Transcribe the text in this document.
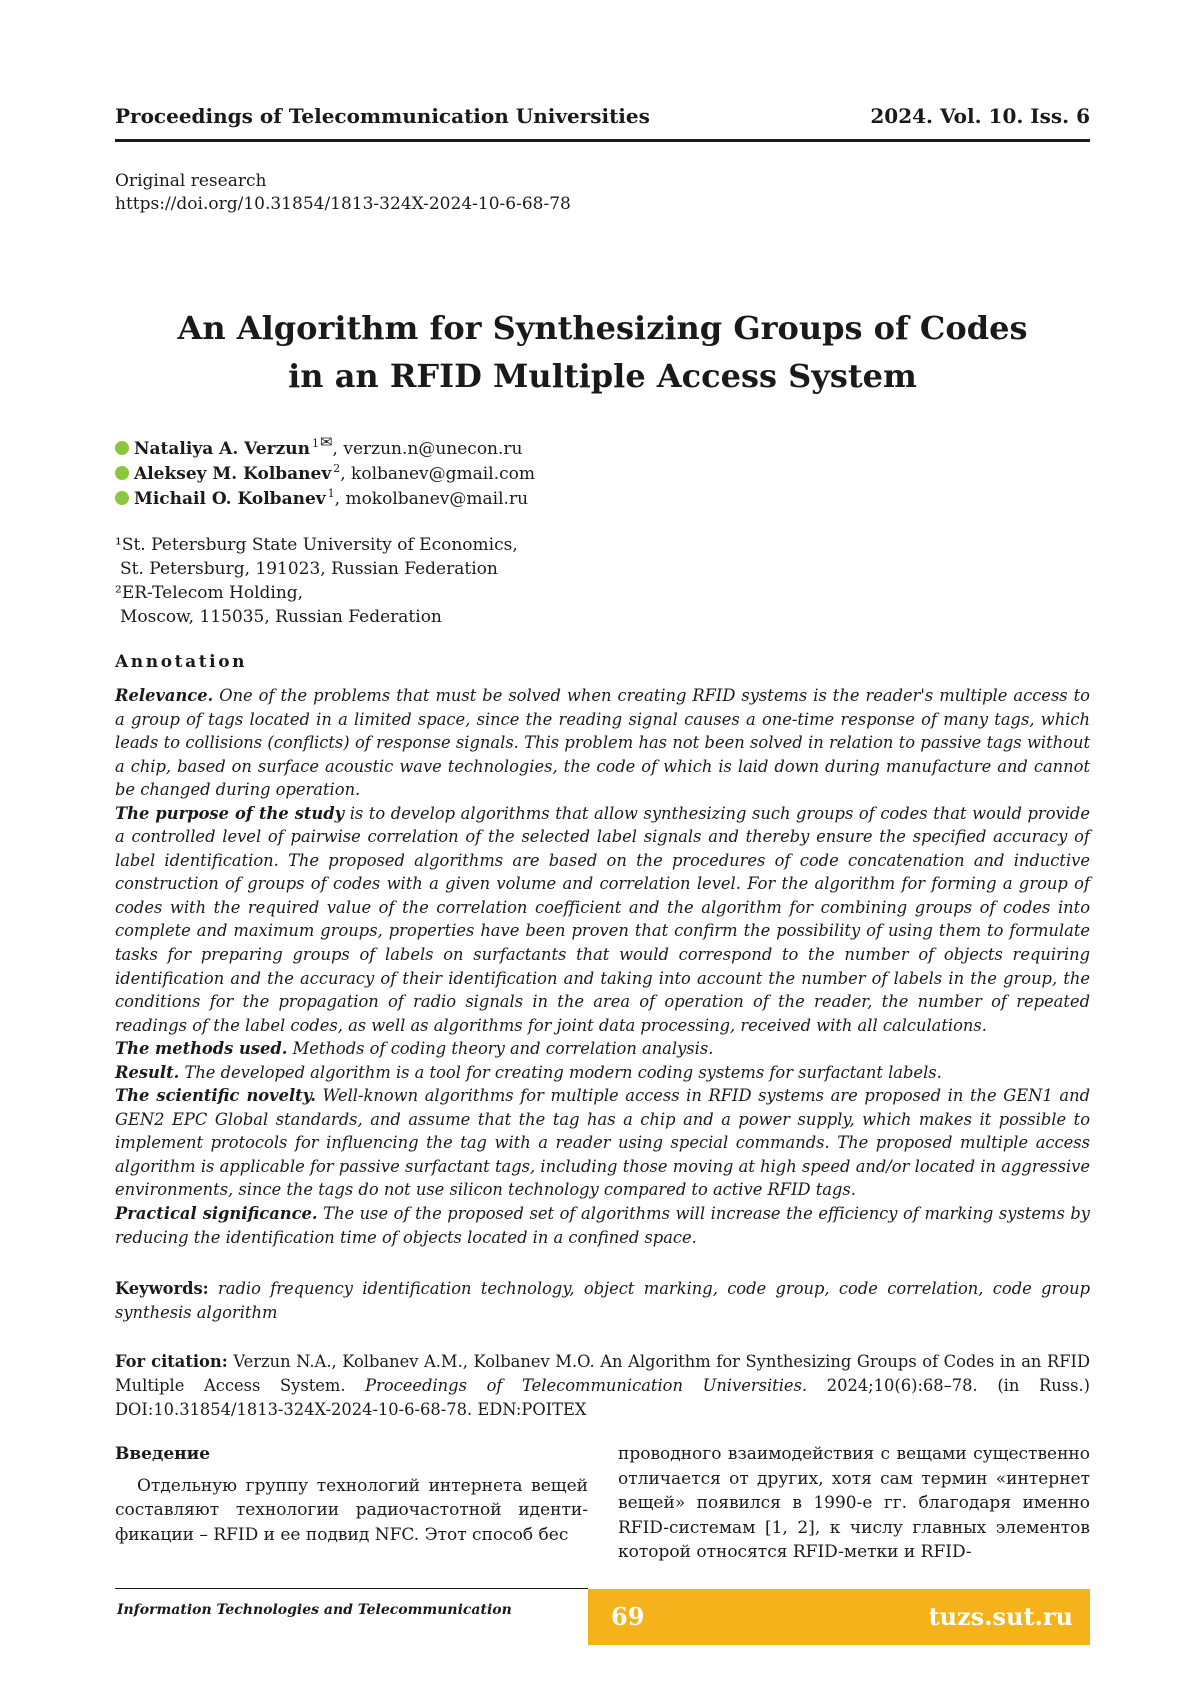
Proceedings of Telecommunication Universities	2024. Vol. 10. Iss. 6
Original research
https://doi.org/10.31854/1813-324X-2024-10-6-68-78
An Algorithm for Synthesizing Groups of Codes
in an RFID Multiple Access System
Nataliya A. Verzun 1 ✉ , verzun.n@unecon.ru
Aleksey M. Kolbanev 2 , kolbanev@gmail.com
Michail O. Kolbanev 1 , mokolbanev@mail.ru
¹St. Petersburg State University of Economics,
St. Petersburg, 191023, Russian Federation
²ER-Telecom Holding,
Moscow, 115035, Russian Federation
Annotation

Relevance. One of the problems that must be solved when creating RFID systems is the reader's multiple access to a group of tags located in a limited space, since the reading signal causes a one-time response of many tags, which leads to collisions (conflicts) of response signals. This problem has not been solved in relation to passive tags without a chip, based on surface acoustic wave technologies, the code of which is laid down during manufacture and cannot be changed during operation.

The purpose of the study is to develop algorithms that allow synthesizing such groups of codes that would provide a controlled level of pairwise correlation of the selected label signals and thereby ensure the specified accuracy of label identification. The proposed algorithms are based on the procedures of code concatenation and inductive construction of groups of codes with a given volume and correlation level. For the algorithm for forming a group of codes with the required value of the correlation coefficient and the algorithm for combining groups of codes into complete and maximum groups, properties have been proven that confirm the possibility of using them to formulate tasks for preparing groups of labels on surfactants that would correspond to the number of objects requiring identification and the accuracy of their identification and taking into account the number of labels in the group, the conditions for the propagation of radio signals in the area of operation of the reader, the number of repeated readings of the label codes, as well as algorithms for joint data processing, received with all calculations.

The methods used. Methods of coding theory and correlation analysis.

Result. The developed algorithm is a tool for creating modern coding systems for surfactant labels.

The scientific novelty. Well-known algorithms for multiple access in RFID systems are proposed in the GEN1 and GEN2 EPC Global standards, and assume that the tag has a chip and a power supply, which makes it possible to implement protocols for influencing the tag with a reader using special commands. The proposed multiple access algorithm is applicable for passive surfactant tags, including those moving at high speed and/or located in aggressive environments, since the tags do not use silicon technology compared to active RFID tags.

Practical significance. The use of the proposed set of algorithms will increase the efficiency of marking systems by reducing the identification time of objects located in a confined space.

Keywords: radio frequency identification technology, object marking, code group, code correlation, code group synthesis algorithm
For citation: Verzun N.A., Kolbanev A.M., Kolbanev M.O. An Algorithm for Synthesizing Groups of Codes in an RFID Multiple Access System. Proceedings of Telecommunication Universities. 2024;10(6):68–78. (in Russ.) DOI:10.31854/1813-324X-2024-10-6-68-78. EDN:POITEX
Введение

Отдельную группу технологий интернета вещей составляют технологии радиочастотной идентификации – RFID и ее подвид NFC. Этот способ бес

проводного взаимодействия с вещами существенно отличается от других, хотя сам термин «интернет вещей» появился в 1990-е гг. благодаря именно RFID-системам [1, 2], к числу главных элементов которой относятся RFID-метки и RFID-

Information Technologies and Telecommunication	69	tuzs.sut.ru
